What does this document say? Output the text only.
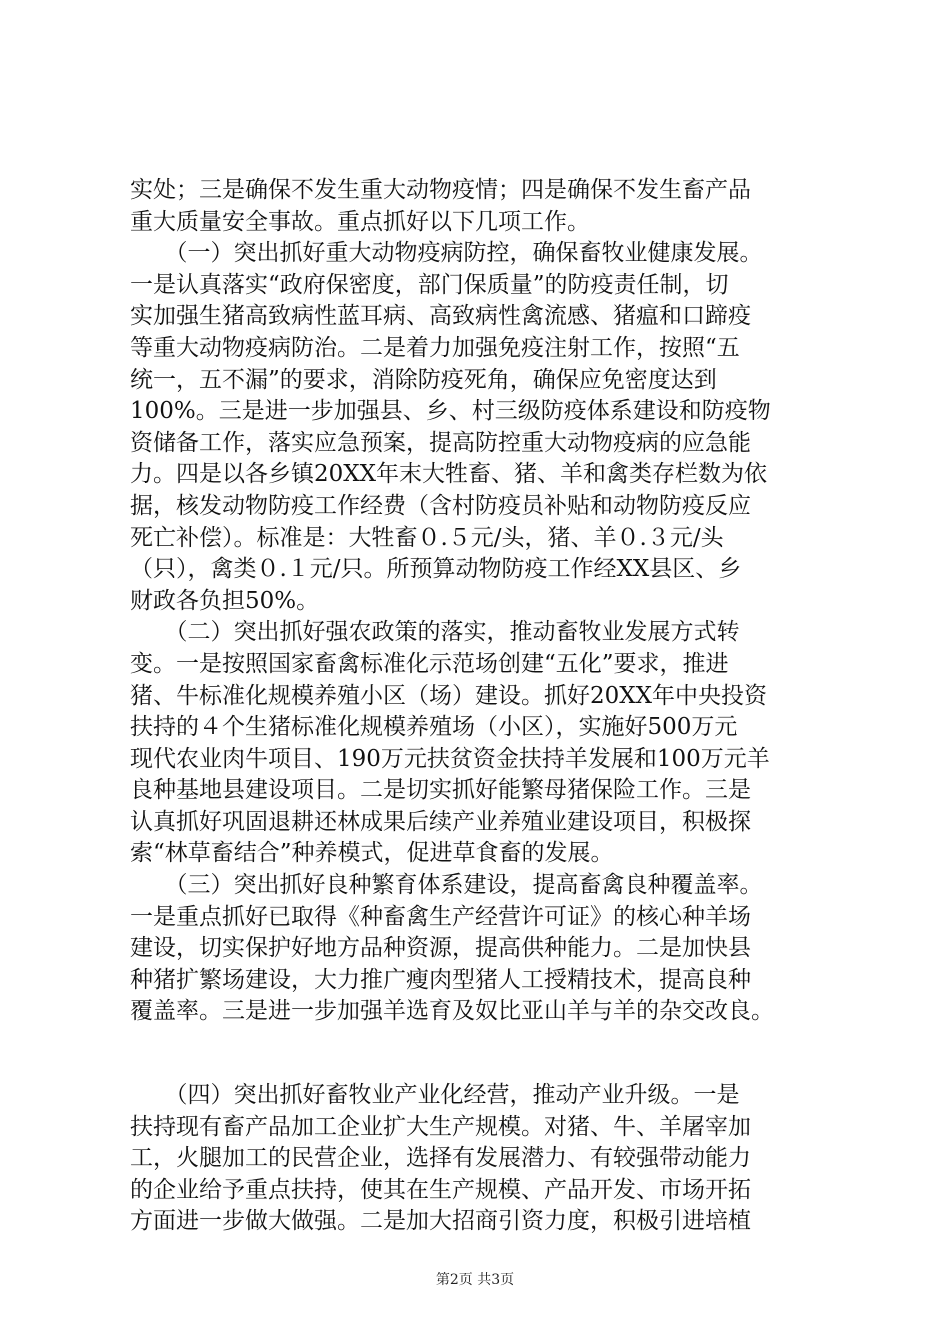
实处；三是确保不发生重大动物疫情；四是确保不发生畜产品
重大质量安全事故。重点抓好以下几项工作。
　　（一）突出抓好重大动物疫病防控，确保畜牧业健康发展。
一是认真落实“政府保密度，部门保质量”的防疫责任制，切
实加强生猪高致病性蓝耳病、高致病性禽流感、猪瘟和口蹄疫
等重大动物疫病防治。二是着力加强免疫注射工作，按照“五
统一，五不漏”的要求，消除防疫死角，确保应免密度达到
100%。三是进一步加强县、乡、村三级防疫体系建设和防疫物
资储备工作，落实应急预案，提高防控重大动物疫病的应急能
力。四是以各乡镇20XX年末大牲畜、猪、羊和禽类存栏数为依
据，核发动物防疫工作经费（含村防疫员补贴和动物防疫反应
死亡补偿）。标准是：大牲畜０.５元/头，猪、羊０.３元/头
（只），禽类０.１元/只。所预算动物防疫工作经XX县区、乡
财政各负担50%。
　　（二）突出抓好强农政策的落实，推动畜牧业发展方式转
变。一是按照国家畜禽标准化示范场创建“五化”要求，推进
猪、牛标准化规模养殖小区（场）建设。抓好20XX年中央投资
扶持的４个生猪标准化规模养殖场（小区），实施好500万元
现代农业肉牛项目、190万元扶贫资金扶持羊发展和100万元羊
良种基地县建设项目。二是切实抓好能繁母猪保险工作。三是
认真抓好巩固退耕还林成果后续产业养殖业建设项目，积极探
索“林草畜结合”种养模式，促进草食畜的发展。
　　（三）突出抓好良种繁育体系建设，提高畜禽良种覆盖率。
一是重点抓好已取得《种畜禽生产经营许可证》的核心种羊场
建设，切实保护好地方品种资源，提高供种能力。二是加快县
种猪扩繁场建设，大力推广瘦肉型猪人工授精技术，提高良种
覆盖率。三是进一步加强羊选育及奴比亚山羊与羊的杂交改良。
　　（四）突出抓好畜牧业产业化经营，推动产业升级。一是
扶持现有畜产品加工企业扩大生产规模。对猪、牛、羊屠宰加
工，火腿加工的民营企业，选择有发展潜力、有较强带动能力
的企业给予重点扶持，使其在生产规模、产品开发、市场开拓
方面进一步做大做强。二是加大招商引资力度，积极引进培植
第2页 共3页
